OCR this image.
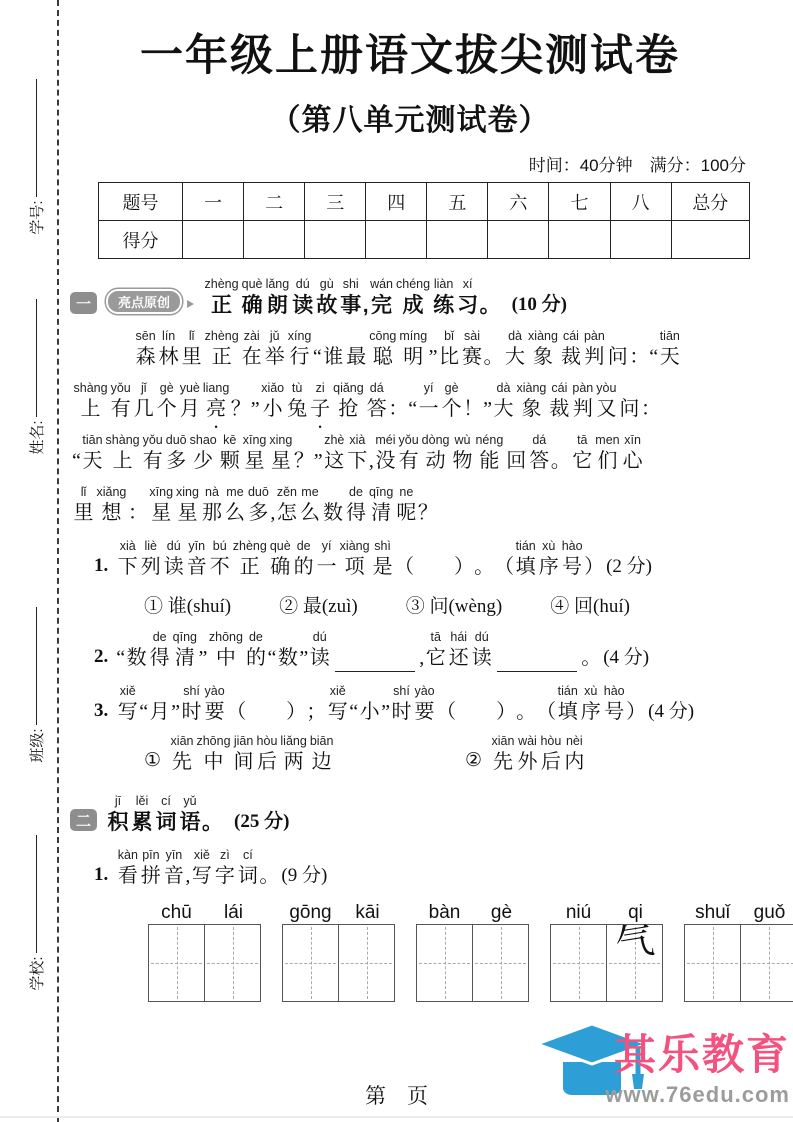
学号:
姓名:
班级:
学校:
一年级上册语文拔尖测试卷
（第八单元测试卷）
时间：40分钟　满分：100分
题号	一	二	三	四	五	六	七	八	总分
得分									
一	亮点原创
zhèng
正
què
确
lǎng
朗
dú
读
gù
故
shi
事 ,
wán
完
chéng
成
liàn
练
xí
习 。 (10 分)
sēn
森
lín
林
lǐ
里
zhèng
正
zài
在
jǔ
举
xíng
行 “ 谁 最
cōng
聪
míng
明 ”
bǐ
比
sài
赛 。
dà
大
xiàng
象
cái
裁
pàn
判 问 ：“
tiān
天

shàng
上
yǒu
有
jǐ
几
gè
个
yuè
月
liang
亮
• ？”
xiǎo
小
tù
兔
zi
子
•
qiǎng
抢
dá
答 ：“
yí
一
gè
个 ！”
dà
大
xiàng
象
cái
裁
pàn
判
yòu
又 问 ：

“
tiān
天
shàng
上
yǒu
有
duō
多
shao
少
kē
颗
xīng
星
xing
星 ？”
zhè
这
xià
下 ,
méi
没
yǒu
有
dòng
动
wù
物
néng
能 回
dá
答 。
tā
它
men
们
xīn
心

lǐ
里
xiǎng
想 ：
xīng
星
xing
星
nà
那
me
么
duō
多 ,
zěn
怎
me
么 数
de
得
qīng
清
ne
呢 ？
1.
xià
下
liè
列
dú
读
yīn
音
bú
不
zhèng
正
què
确
de
的
yí
一
xiàng
项
shì
是 （　　） 。 （
tián
填
xù
序
hào
号 ） (2 分)
① 谁(shuí)	② 最(zuì)	③ 问(wèng)	④ 回(huí)
2. “ 数
de
得
qīng
清 ”
zhōng
中
de
的 “ 数 ”
dú
读	,
tā
它
hái
还
dú
读	。 (4 分)
3.
xiě
写 “ 月 ”
shí
时
yào
要 （　　） ；
xiě
写 “ 小 ”
shí
时
yào
要 （　　） 。 （
tián
填
xù
序
hào
号 ） (4 分)
①
xiān
先
zhōng
中
jiān
间
hòu
后
liǎng
两
biān
边	②
xiān
先
wài
外
hòu
后
nèi
内
二
jī
积
lěi
累
cí
词
yǔ
语 。 (25 分)
1.
kàn
看
pīn
拼
yīn
音 ,
xiě
写
zì
字
cí
词 。 (9 分)
chū	lái	gōng	kāi	bàn	gè	niú	qi
气
shuǐ	guǒ
第　页
其乐教育
www.76edu.com
